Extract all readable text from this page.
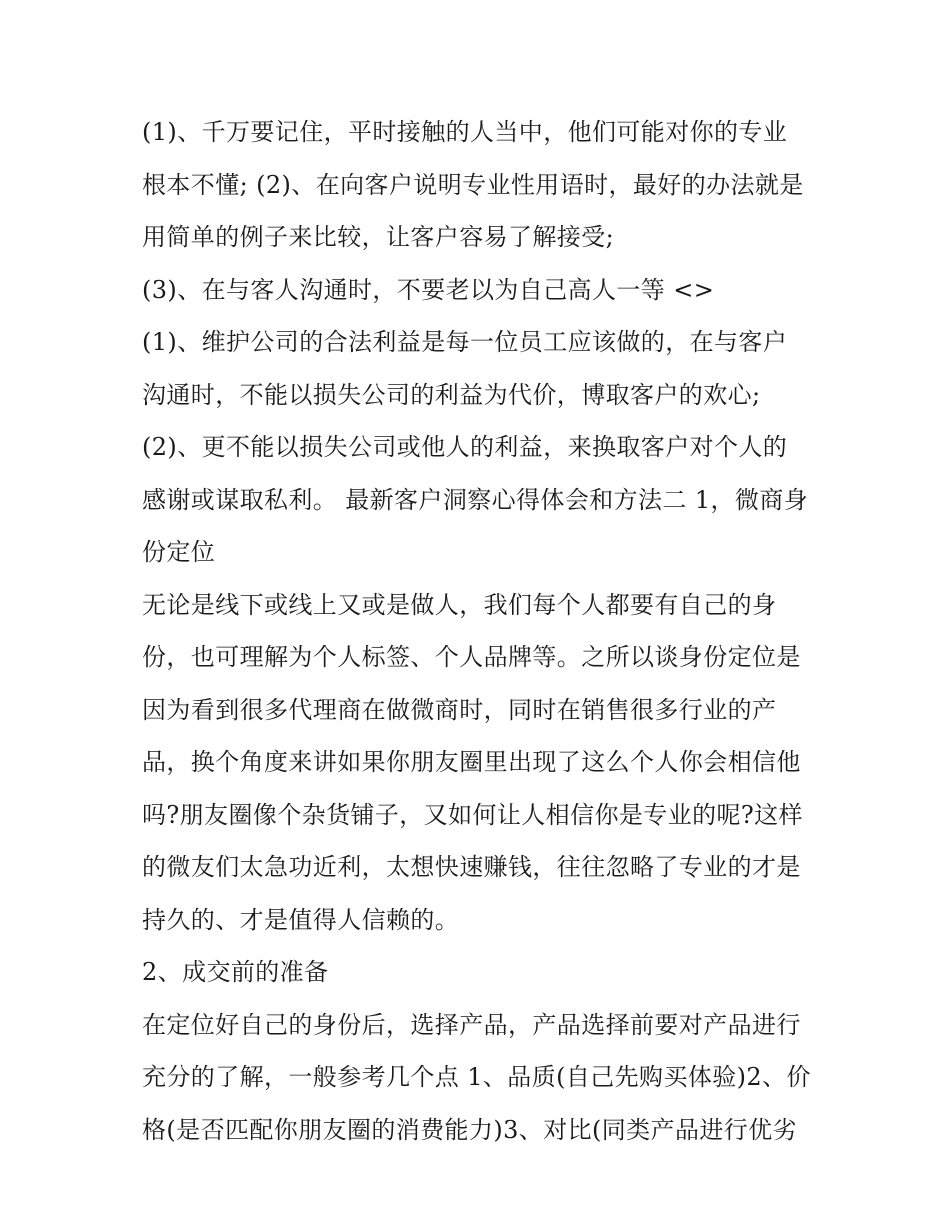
(1)、千万要记住，平时接触的人当中，他们可能对你的专业
根本不懂; (2)、在向客户说明专业性用语时，最好的办法就是
用简单的例子来比较，让客户容易了解接受;
(3)、在与客人沟通时，不要老以为自己高人一等 <>
(1)、维护公司的合法利益是每一位员工应该做的，在与客户
沟通时，不能以损失公司的利益为代价，博取客户的欢心;
(2)、更不能以损失公司或他人的利益，来换取客户对个人的
感谢或谋取私利。 最新客户洞察心得体会和方法二 1，微商身
份定位
无论是线下或线上又或是做人，我们每个人都要有自己的身
份，也可理解为个人标签、个人品牌等。之所以谈身份定位是
因为看到很多代理商在做微商时，同时在销售很多行业的产
品，换个角度来讲如果你朋友圈里出现了这么个人你会相信他
吗?朋友圈像个杂货铺子，又如何让人相信你是专业的呢?这样
的微友们太急功近利，太想快速赚钱，往往忽略了专业的才是
持久的、才是值得人信赖的。
2、成交前的准备
在定位好自己的身份后，选择产品，产品选择前要对产品进行
充分的了解，一般参考几个点 1、品质(自己先购买体验)2、价
格(是否匹配你朋友圈的消费能力)3、对比(同类产品进行优劣
